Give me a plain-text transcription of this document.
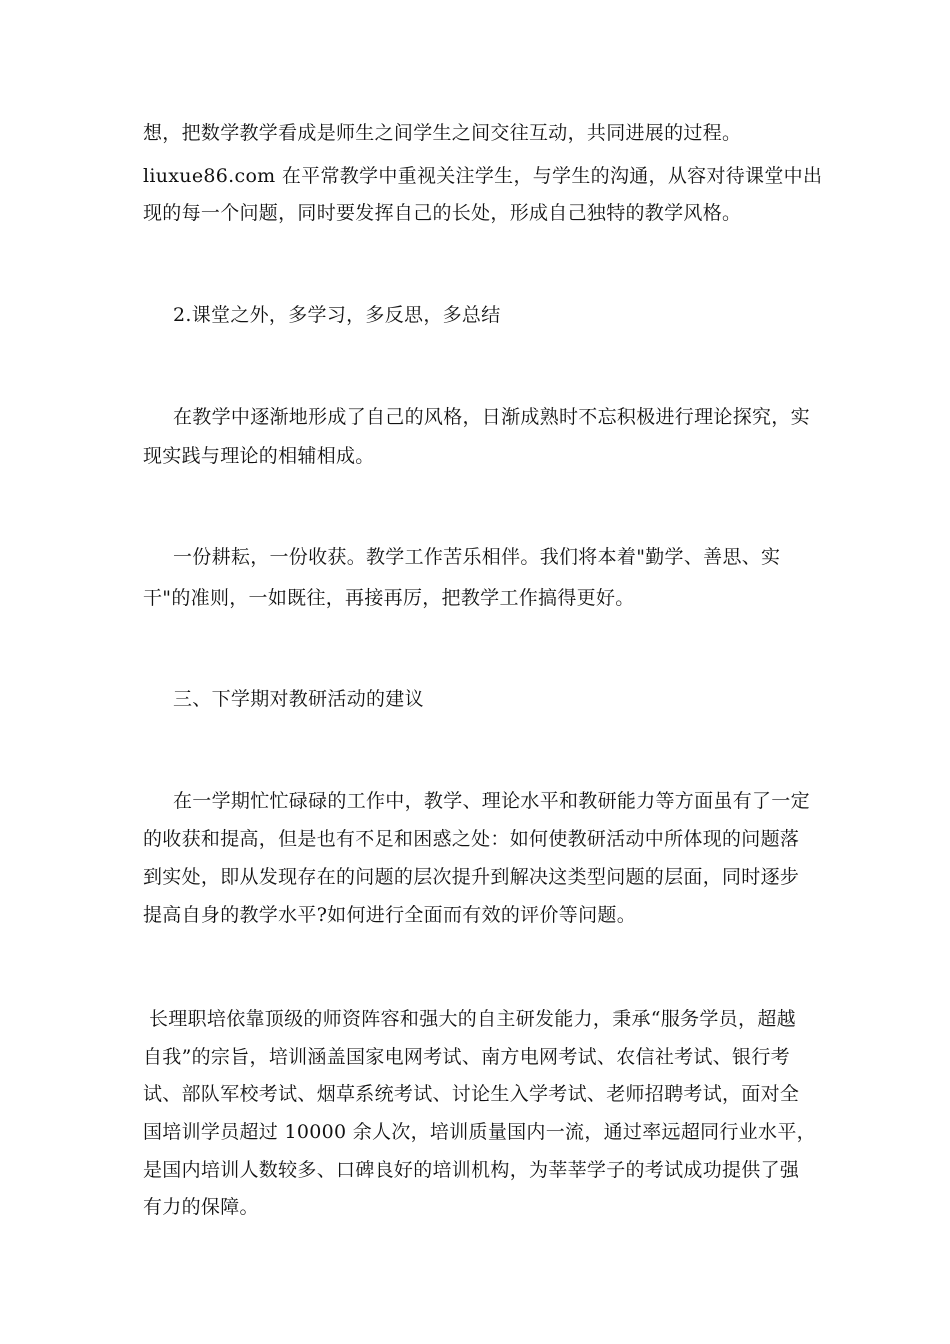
想，把数学教学看成是师生之间学生之间交往互动，共同进展的过程。
liuxue86.com 在平常教学中重视关注学生，与学生的沟通，从容对待课堂中出
现的每一个问题，同时要发挥自己的长处，形成自己独特的教学风格。
2.课堂之外，多学习，多反思，多总结
在教学中逐渐地形成了自己的风格，日渐成熟时不忘积极进行理论探究，实
现实践与理论的相辅相成。
一份耕耘，一份收获。教学工作苦乐相伴。我们将本着"勤学、善思、实
干"的准则，一如既往，再接再厉，把教学工作搞得更好。
三、下学期对教研活动的建议
在一学期忙忙碌碌的工作中，教学、理论水平和教研能力等方面虽有了一定
的收获和提高，但是也有不足和困惑之处：如何使教研活动中所体现的问题落
到实处，即从发现存在的问题的层次提升到解决这类型问题的层面，同时逐步
提高自身的教学水平?如何进行全面而有效的评价等问题。
长理职培依靠顶级的师资阵容和强大的自主研发能力，秉承“服务学员，超越
自我”的宗旨，培训涵盖国家电网考试、南方电网考试、农信社考试、银行考
试、部队军校考试、烟草系统考试、讨论生入学考试、老师招聘考试，面对全
国培训学员超过 10000 余人次，培训质量国内一流，通过率远超同行业水平，
是国内培训人数较多、口碑良好的培训机构，为莘莘学子的考试成功提供了强
有力的保障。
